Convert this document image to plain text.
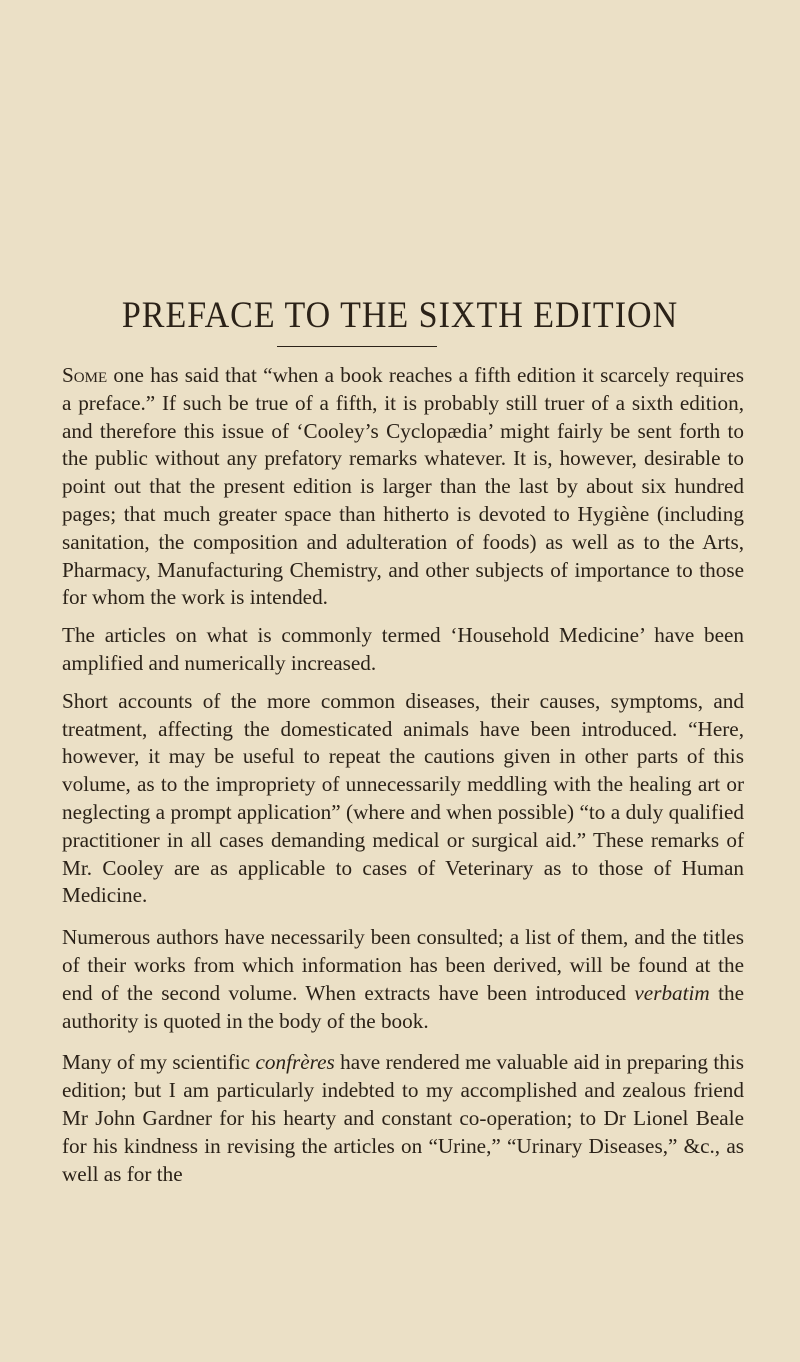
PREFACE TO THE SIXTH EDITION

Some one has said that “when a book reaches a fifth edition it scarcely requires a preface.” If such be true of a fifth, it is probably still truer of a sixth edition, and therefore this issue of ‘Cooley’s Cyclopædia’ might fairly be sent forth to the public without any prefatory remarks whatever. It is, however, desirable to point out that the present edition is larger than the last by about six hundred pages; that much greater space than hitherto is devoted to Hygiène (including sanitation, the composition and adulteration of foods) as well as to the Arts, Pharmacy, Manufacturing Chemistry, and other subjects of importance to those for whom the work is intended.

The articles on what is commonly termed ‘Household Medicine’ have been amplified and numerically increased.

Short accounts of the more common diseases, their causes, symptoms, and treatment, affecting the domesticated animals have been introduced. “Here, however, it may be useful to repeat the cautions given in other parts of this volume, as to the impropriety of unnecessarily meddling with the healing art or neglecting a prompt application” (where and when possible) “to a duly qualified practitioner in all cases demanding medical or surgical aid.” These remarks of Mr. Cooley are as applicable to cases of Veterinary as to those of Human Medicine.

Numerous authors have necessarily been consulted; a list of them, and the titles of their works from which information has been derived, will be found at the end of the second volume. When extracts have been introduced verbatim the authority is quoted in the body of the book.

Many of my scientific confrères have rendered me valuable aid in preparing this edition; but I am particularly indebted to my accomplished and zealous friend Mr John Gardner for his hearty and constant co-operation; to Dr Lionel Beale for his kindness in revising the articles on “Urine,” “Urinary Diseases,” &c., as well as for the
